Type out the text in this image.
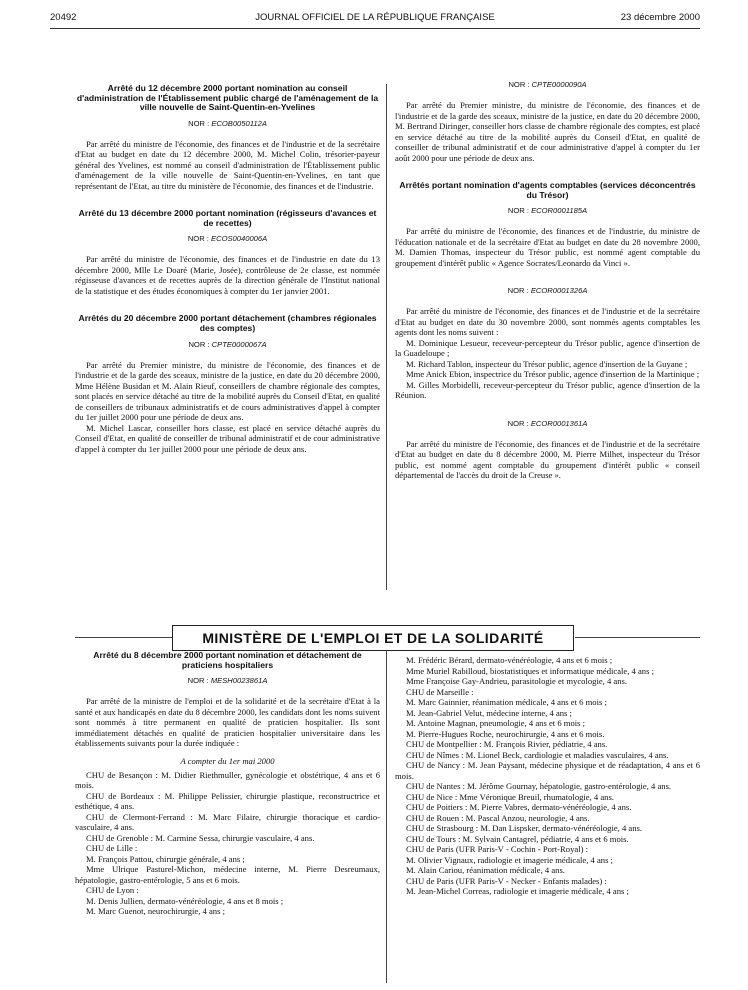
20492	JOURNAL OFFICIEL DE LA RÉPUBLIQUE FRANÇAISE	23 décembre 2000
Arrêté du 12 décembre 2000 portant nomination au conseil d'administration de l'Établissement public chargé de l'aménagement de la ville nouvelle de Saint-Quentin-en-Yvelines
NOR : ECOB0050112A

Par arrêté du ministre de l'économie, des finances et de l'industrie et de la secrétaire d'Etat au budget en date du 12 décembre 2000, M. Michel Colin, trésorier-payeur général des Yvelines, est nommé au conseil d'administration de l'Établissement public d'aménagement de la ville nouvelle de Saint-Quentin-en-Yvelines, en tant que représentant de l'Etat, au titre du ministère de l'économie, des finances et de l'industrie.

Arrêté du 13 décembre 2000 portant nomination (régisseurs d'avances et de recettes)
NOR : ECOS0040006A

Par arrêté du ministre de l'économie, des finances et de l'industrie en date du 13 décembre 2000, Mlle Le Doaré (Marie, Josée), contrôleuse de 2e classe, est nommée régisseuse d'avances et de recettes auprès de la direction générale de l'Institut national de la statistique et des études économiques à compter du 1er janvier 2001.

Arrêtés du 20 décembre 2000 portant détachement (chambres régionales des comptes)
NOR : CPTE0000067A

Par arrêté du Premier ministre, du ministre de l'économie, des finances et de l'industrie et de la garde des sceaux, ministre de la justice, en date du 20 décembre 2000, Mme Hélène Busidan et M. Alain Rieuf, conseillers de chambre régionale des comptes, sont placés en service détaché au titre de la mobilité auprès du Conseil d'Etat, en qualité de conseillers de tribunaux administratifs et de cours administratives d'appel à compter du 1er juillet 2000 pour une période de deux ans.

M. Michel Lascar, conseiller hors classe, est placé en service détaché auprès du Conseil d'Etat, en qualité de conseiller de tribunal administratif et de cour administrative d'appel à compter du 1er juillet 2000 pour une période de deux ans.

NOR : CPTE0000090A

Par arrêté du Premier ministre, du ministre de l'économie, des finances et de l'industrie et de la garde des sceaux, ministre de la justice, en date du 20 décembre 2000, M. Bertrand Diringer, conseiller hors classe de chambre régionale des comptes, est placé en service détaché au titre de la mobilité auprès du Conseil d'Etat, en qualité de conseiller de tribunal administratif et de cour administrative d'appel à compter du 1er août 2000 pour une période de deux ans.

Arrêtés portant nomination d'agents comptables (services déconcentrés du Trésor)
NOR : ECOR0001185A

Par arrêté du ministre de l'économie, des finances et de l'industrie, du ministre de l'éducation nationale et de la secrétaire d'Etat au budget en date du 28 novembre 2000, M. Damien Thomas, inspecteur du Trésor public, est nommé agent comptable du groupement d'intérêt public « Agence Socrates/Leonardo da Vinci ».

NOR : ECOR0001326A

Par arrêté du ministre de l'économie, des finances et de l'industrie et de la secrétaire d'Etat au budget en date du 30 novembre 2000, sont nommés agents comptables les agents dont les noms suivent :

M. Dominique Lesueur, receveur-percepteur du Trésor public, agence d'insertion de la Guadeloupe ;

M. Richard Tablon, inspecteur du Trésor public, agence d'insertion de la Guyane ;

Mme Anick Ebion, inspectrice du Trésor public, agence d'insertion de la Martinique ;

M. Gilles Morbidelli, receveur-percepteur du Trésor public, agence d'insertion de la Réunion.

NOR : ECOR0001361A

Par arrêté du ministre de l'économie, des finances et de l'industrie et de la secrétaire d'Etat au budget en date du 8 décembre 2000, M. Pierre Milhet, inspecteur du Trésor public, est nommé agent comptable du groupement d'intérêt public « conseil départemental de l'accès du droit de la Creuse ».

MINISTÈRE DE L'EMPLOI ET DE LA SOLIDARITÉ
Arrêté du 8 décembre 2000 portant nomination et détachement de praticiens hospitaliers
NOR : MESH0023861A

Par arrêté de la ministre de l'emploi et de la solidarité et de la secrétaire d'Etat à la santé et aux handicapés en date du 8 décembre 2000, les candidats dont les noms suivent sont nommés à titre permanent en qualité de praticien hospitalier. Ils sont immédiatement détachés en qualité de praticien hospitalier universitaire dans les établissements suivants pour la durée indiquée :

A compter du 1er mai 2000

CHU de Besançon : M. Didier Riethmuller, gynécologie et obstétrique, 4 ans et 6 mois.

CHU de Bordeaux : M. Philippe Pelissier, chirurgie plastique, reconstructrice et esthétique, 4 ans.

CHU de Clermont-Ferrand : M. Marc Filaire, chirurgie thoracique et cardio-vasculaire, 4 ans.

CHU de Grenoble : M. Carmine Sessa, chirurgie vasculaire, 4 ans.

CHU de Lille :

M. François Pattou, chirurgie générale, 4 ans ;

Mme Ulrique Pasturel-Michon, médecine interne, M. Pierre Desreumaux, hépatologie, gastro-entérologie, 5 ans et 6 mois.

CHU de Lyon :

M. Denis Jullien, dermato-vénéréologie, 4 ans et 8 mois ;

M. Marc Guenot, neurochirurgie, 4 ans ;

M. Frédéric Bérard, dermato-vénéréologie, 4 ans et 6 mois ;

Mme Muriel Rabilloud, biostatistiques et informatique médicale, 4 ans ;

Mme Françoise Gay-Andrieu, parasitologie et mycologie, 4 ans.

CHU de Marseille :

M. Marc Gainnier, réanimation médicale, 4 ans et 6 mois ;

M. Jean-Gabriel Velut, médecine interne, 4 ans ;

M. Antoine Magnan, pneumologie, 4 ans et 6 mois ;

M. Pierre-Hugues Roche, neurochirurgie, 4 ans et 6 mois.

CHU de Montpellier : M. François Rivier, pédiatrie, 4 ans.

CHU de Nîmes : M. Lionel Beck, cardiologie et maladies vasculaires, 4 ans.

CHU de Nancy : M. Jean Paysant, médecine physique et de réadaptation, 4 ans et 6 mois.

CHU de Nantes : M. Jérôme Gournay, hépatologie, gastro-entérologie, 4 ans.

CHU de Nice : Mme Véronique Breuil, rhumatologie, 4 ans.

CHU de Poitiers : M. Pierre Vabres, dermato-vénéréologie, 4 ans.

CHU de Rouen : M. Pascal Anzou, neurologie, 4 ans.

CHU de Strasbourg : M. Dan Lispsker, dermato-vénéréologie, 4 ans.

CHU de Tours : M. Sylvain Cantagrel, pédiatrie, 4 ans et 6 mois.

CHU de Paris (UFR Paris-V - Cochin - Port-Royal) :

M. Olivier Vignaux, radiologie et imagerie médicale, 4 ans ;

M. Alain Cariou, réanimation médicale, 4 ans.

CHU de Paris (UFR Paris-V - Necker - Enfants malades) :

M. Jean-Michel Correas, radiologie et imagerie médicale, 4 ans ;
